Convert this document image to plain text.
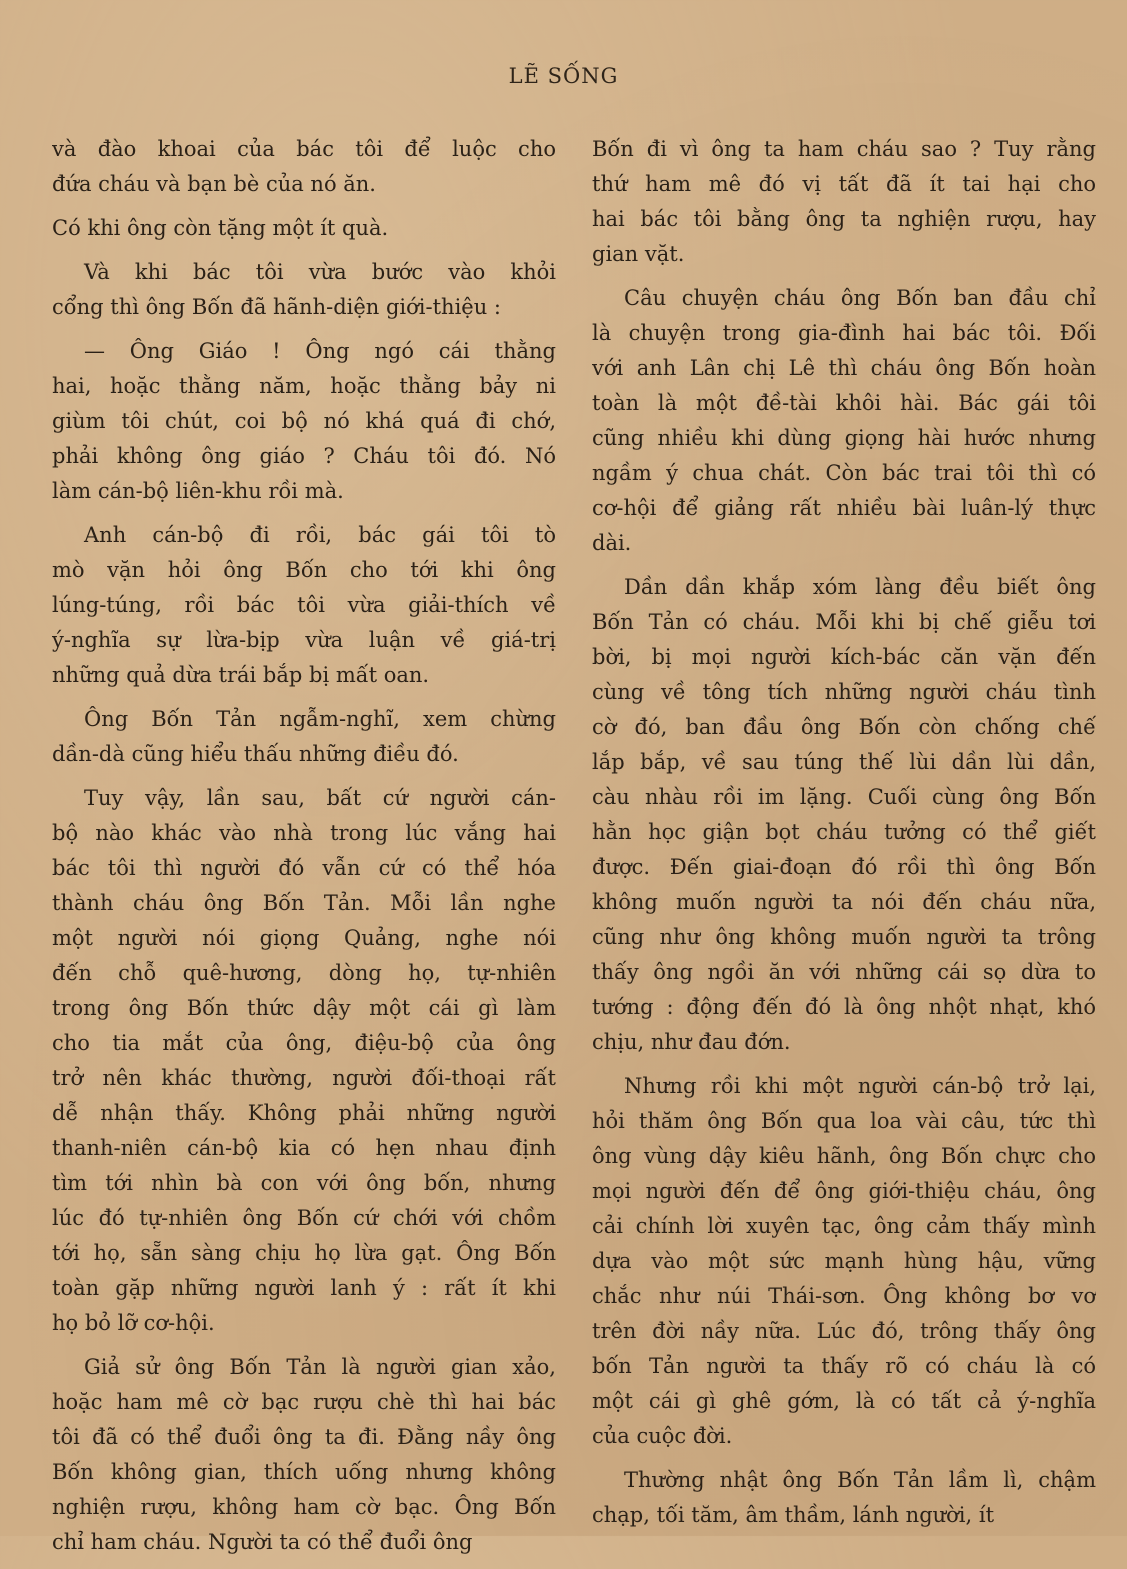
LẼ SỐNG
và đào khoai của bác tôi để luộc cho
đứa cháu và bạn bè của nó ăn.
Có khi ông còn tặng một ít quà.
Và khi bác tôi vừa bước vào khỏi
cổng thì ông Bốn đã hãnh-diện giới-thiệu :
— Ông Giáo ! Ông ngó cái thằng
hai, hoặc thằng năm, hoặc thằng bảy ni
giùm tôi chút, coi bộ nó khá quá đi chớ,
phải không ông giáo ? Cháu tôi đó. Nó
làm cán-bộ liên-khu rồi mà.
Anh cán-bộ đi rồi, bác gái tôi tò
mò vặn hỏi ông Bốn cho tới khi ông
lúng-túng, rồi bác tôi vừa giải-thích về
ý-nghĩa sự lừa-bịp vừa luận về giá-trị
những quả dừa trái bắp bị mất oan.
Ông Bốn Tản ngẫm-nghĩ, xem chừng
dần-dà cũng hiểu thấu những điều đó.
Tuy vậy, lần sau, bất cứ người cán-
bộ nào khác vào nhà trong lúc vắng hai
bác tôi thì người đó vẫn cứ có thể hóa
thành cháu ông Bốn Tản. Mỗi lần nghe
một người nói giọng Quảng, nghe nói
đến chỗ quê-hương, dòng họ, tự-nhiên
trong ông Bốn thức dậy một cái gì làm
cho tia mắt của ông, điệu-bộ của ông
trở nên khác thường, người đối-thoại rất
dễ nhận thấy. Không phải những người
thanh-niên cán-bộ kia có hẹn nhau định
tìm tới nhìn bà con với ông bốn, nhưng
lúc đó tự-nhiên ông Bốn cứ chới với chồm
tới họ, sẵn sàng chịu họ lừa gạt. Ông Bốn
toàn gặp những người lanh ý : rất ít khi
họ bỏ lỡ cơ-hội.
Giả sử ông Bốn Tản là người gian xảo,
hoặc ham mê cờ bạc rượu chè thì hai bác
tôi đã có thể đuổi ông ta đi. Đằng nầy ông
Bốn không gian, thích uống nhưng không
nghiện rượu, không ham cờ bạc. Ông Bốn
chỉ ham cháu. Người ta có thể đuổi ông
Bốn đi vì ông ta ham cháu sao ? Tuy rằng
thứ ham mê đó vị tất đã ít tai hại cho
hai bác tôi bằng ông ta nghiện rượu, hay
gian vặt.
Câu chuyện cháu ông Bốn ban đầu chỉ
là chuyện trong gia-đình hai bác tôi. Đối
với anh Lân chị Lê thì cháu ông Bốn hoàn
toàn là một đề-tài khôi hài. Bác gái tôi
cũng nhiều khi dùng giọng hài hước nhưng
ngầm ý chua chát. Còn bác trai tôi thì có
cơ-hội để giảng rất nhiều bài luân-lý thực
dài.
Dần dần khắp xóm làng đều biết ông
Bốn Tản có cháu. Mỗi khi bị chế giễu tơi
bời, bị mọi người kích-bác căn vặn đến
cùng về tông tích những người cháu tình
cờ đó, ban đầu ông Bốn còn chống chế
lắp bắp, về sau túng thế lùi dần lùi dần,
càu nhàu rồi im lặng. Cuối cùng ông Bốn
hằn học giận bọt cháu tưởng có thể giết
được. Đến giai-đoạn đó rồi thì ông Bốn
không muốn người ta nói đến cháu nữa,
cũng như ông không muốn người ta trông
thấy ông ngồi ăn với những cái sọ dừa to
tướng : động đến đó là ông nhột nhạt, khó
chịu, như đau đớn.
Nhưng rồi khi một người cán-bộ trở lại,
hỏi thăm ông Bốn qua loa vài câu, tức thì
ông vùng dậy kiêu hãnh, ông Bốn chực cho
mọi người đến để ông giới-thiệu cháu, ông
cải chính lời xuyên tạc, ông cảm thấy mình
dựa vào một sức mạnh hùng hậu, vững
chắc như núi Thái-sơn. Ông không bơ vơ
trên đời nầy nữa. Lúc đó, trông thấy ông
bốn Tản người ta thấy rõ có cháu là có
một cái gì ghê gớm, là có tất cả ý-nghĩa
của cuộc đời.
Thường nhật ông Bốn Tản lầm lì, chậm
chạp, tối tăm, âm thầm, lánh người, ít
